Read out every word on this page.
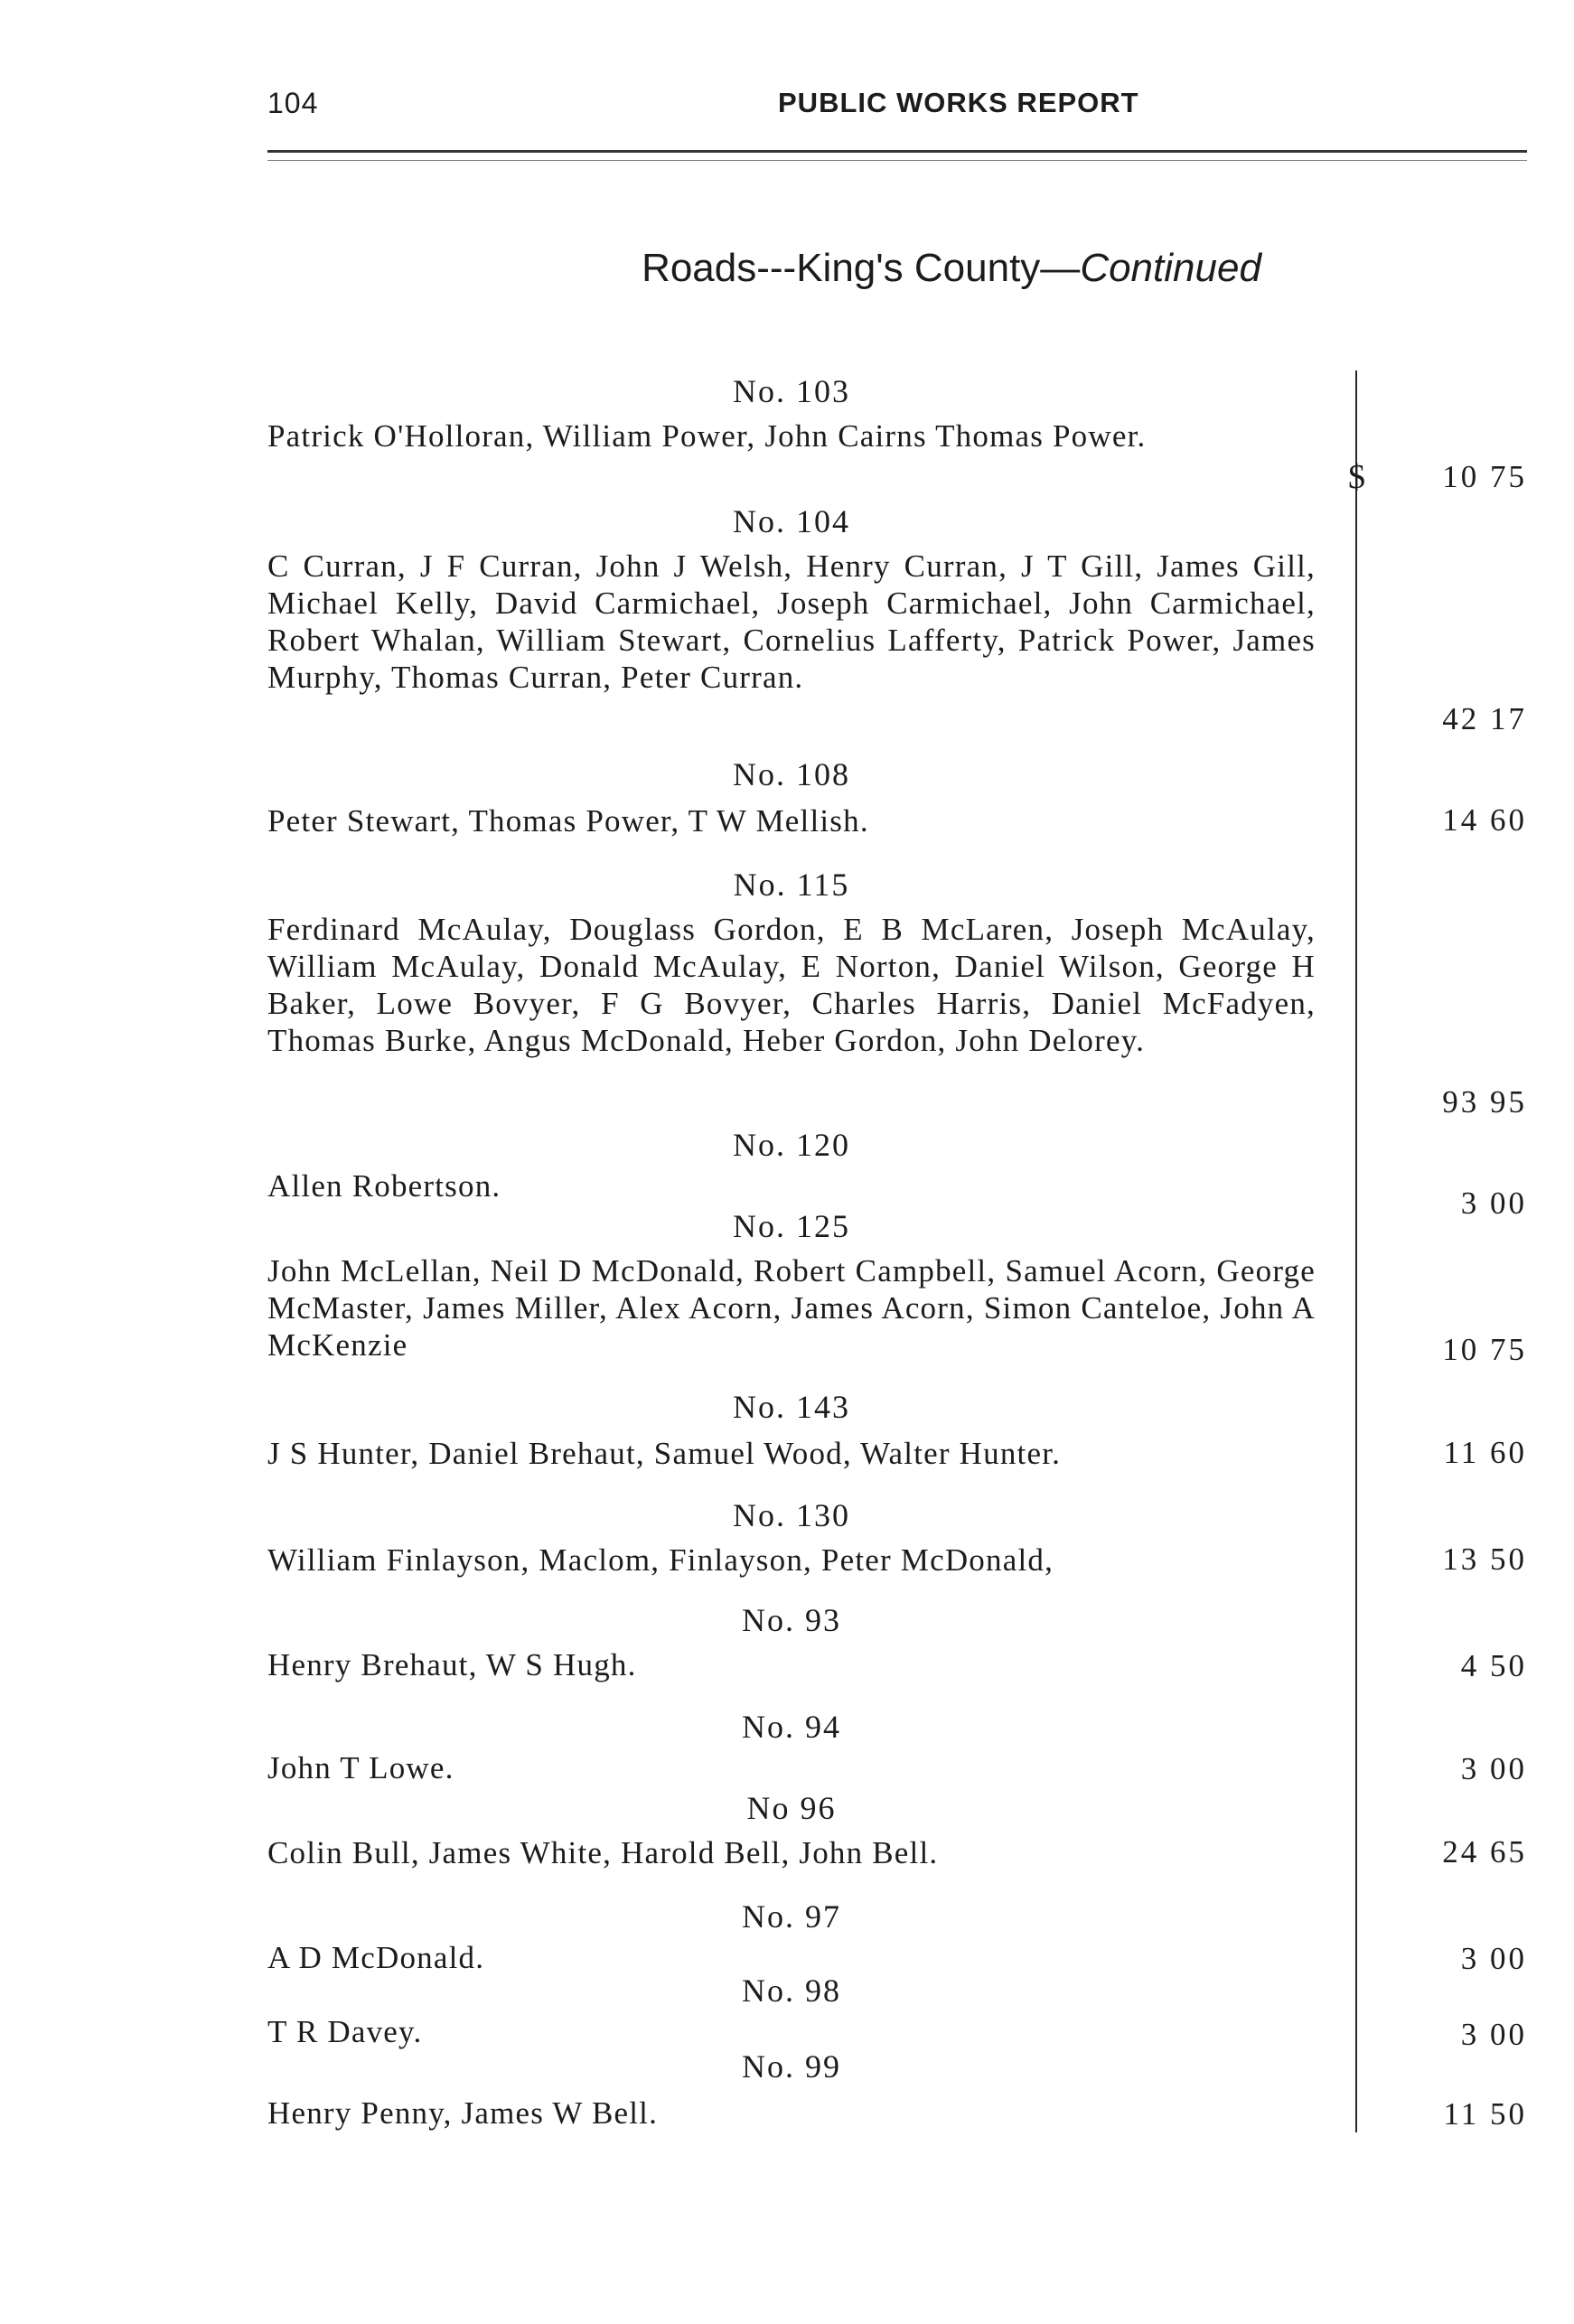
104	PUBLIC WORKS REPORT
Roads---King's County—Continued
No. 103
Patrick O'Holloran, William Power, John Cairns Thomas Power.
$	10 75
No. 104
C Curran, J F Curran, John J Welsh, Henry Curran, J T Gill, James Gill, Michael Kelly, David Carmichael, Joseph Carmichael, John Carmichael, Robert Whalan, William Stewart, Cornelius Lafferty, Patrick Power, James Murphy, Thomas Curran, Peter Curran.
42 17
No. 108
Peter Stewart, Thomas Power, T W Mellish.	14 60
No. 115
Ferdinard McAulay, Douglass Gordon, E B McLaren, Joseph McAulay, William McAulay, Donald McAulay, E Norton, Daniel Wilson, George H Baker, Lowe Bovyer, F G Bovyer, Charles Harris, Daniel McFadyen, Thomas Burke, Angus McDonald, Heber Gordon, John Delorey.
93 95
No. 120
Allen Robertson.	3 00
No. 125
John McLellan, Neil D McDonald, Robert Campbell, Samuel Acorn, George McMaster, James Miller, Alex Acorn, James Acorn, Simon Canteloe, John A McKenzie	10 75
No. 143
J S Hunter, Daniel Brehaut, Samuel Wood, Walter Hunter.	11 60
No. 130
William Finlayson, Maclom, Finlayson, Peter McDonald,	13 50
No. 93
Henry Brehaut, W S Hugh.	4 50
No. 94
John T Lowe.	3 00
No 96
Colin Bull, James White, Harold Bell, John Bell.	24 65
No. 97
A D McDonald.	3 00
No. 98
T R Davey.	3 00
No. 99
Henry Penny, James W Bell.	11 50
